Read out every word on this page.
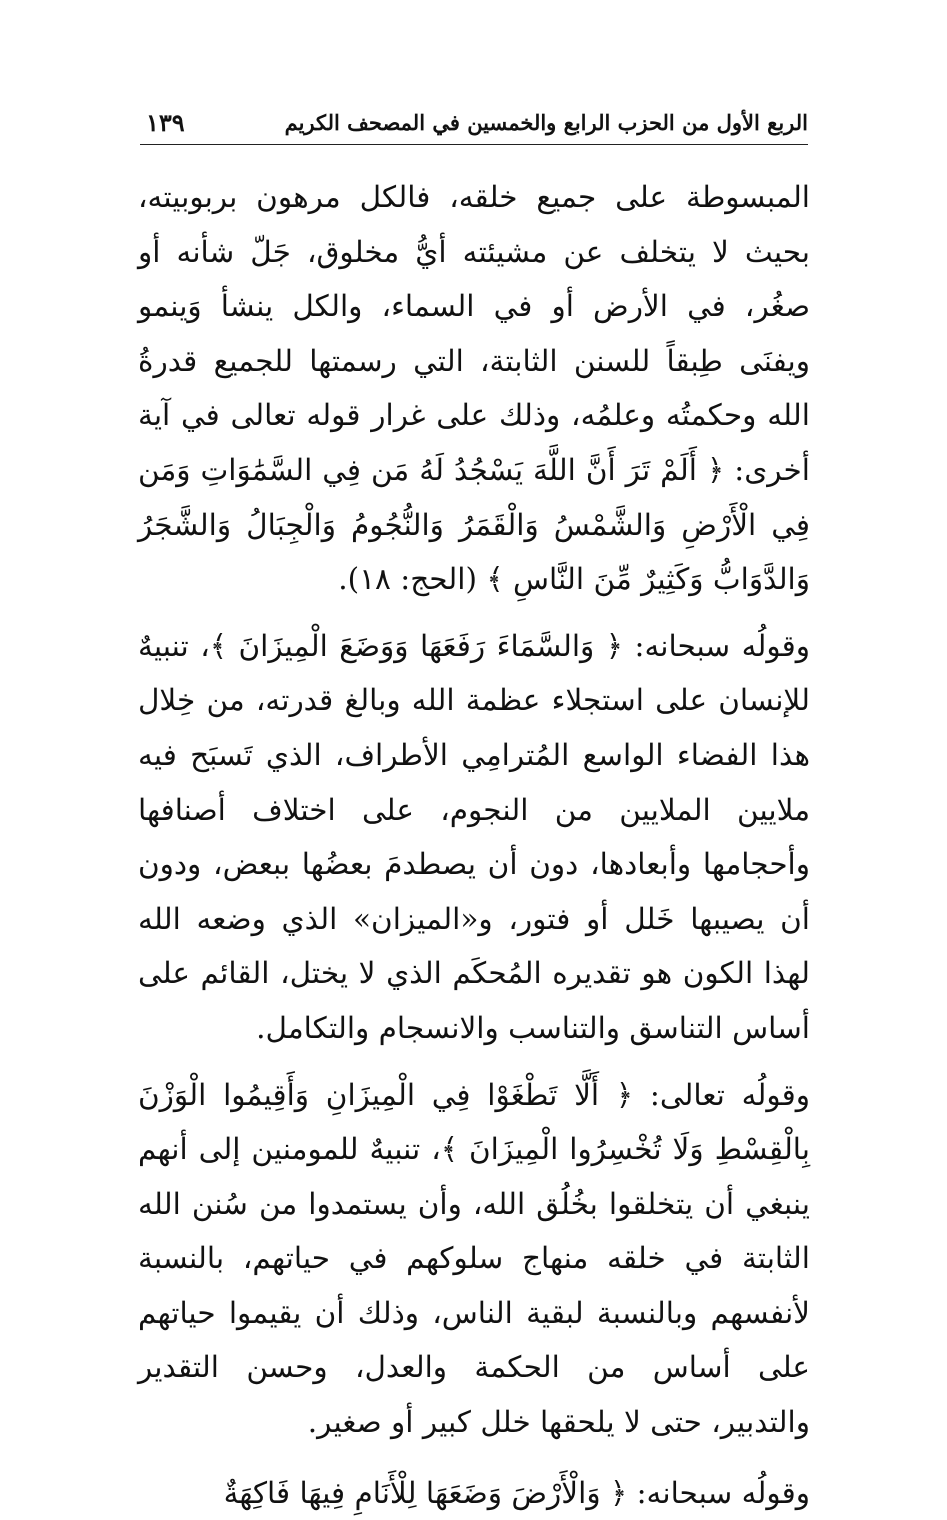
الربع الأول من الحزب الرابع والخمسين في المصحف الكريم
١٣٩

المبسوطة على جميع خلقه، فالكل مرهون بربوبيته، بحيث لا يتخلف عن مشيئته أيُّ مخلوق، جَلّ شأنه أو صغُر، في الأرض أو في السماء، والكل ينشأ وَينمو ويفنَى طِبقاً للسنن الثابتة، التي رسمتها للجميع قدرةُ الله وحكمتُه وعلمُه، وذلك على غرار قوله تعالى في آية أخرى: ﴿ أَلَمْ تَرَ أَنَّ اللَّهَ يَسْجُدُ لَهُ مَن فِي السَّمَٰوَاتِ وَمَن فِي الْأَرْضِ وَالشَّمْسُ وَالْقَمَرُ وَالنُّجُومُ وَالْجِبَالُ وَالشَّجَرُ وَالدَّوَابُّ وَكَثِيرٌ مِّنَ النَّاسِ ﴾ (الحج: ١٨).

وقولُه سبحانه: ﴿ وَالسَّمَاءَ رَفَعَهَا وَوَضَعَ الْمِيزَانَ ﴾، تنبيهٌ للإنسان على استجلاء عظمة الله وبالغ قدرته، من خِلال هذا الفضاء الواسع المُترامِي الأطراف، الذي تَسبَح فيه ملايين الملايين من النجوم، على اختلاف أصنافها وأحجامها وأبعادها، دون أن يصطدمَ بعضُها ببعض، ودون أن يصيبها خَلل أو فتور، و«الميزان» الذي وضعه الله لهذا الكون هو تقديره المُحكَم الذي لا يختل، القائم على أساس التناسق والتناسب والانسجام والتكامل.

وقولُه تعالى: ﴿ أَلَّا تَطْغَوْا فِي الْمِيزَانِ وَأَقِيمُوا الْوَزْنَ بِالْقِسْطِ وَلَا تُخْسِرُوا الْمِيزَانَ ﴾، تنبيهٌ للمومنين إلى أنهم ينبغي أن يتخلقوا بخُلُق الله، وأن يستمدوا من سُنن الله الثابتة في خلقه منهاج سلوكهم في حياتهم، بالنسبة لأنفسهم وبالنسبة لبقية الناس، وذلك أن يقيموا حياتهم على أساس من الحكمة والعدل، وحسن التقدير والتدبير، حتى لا يلحقها خلل كبير أو صغير.

وقولُه سبحانه: ﴿ وَالْأَرْضَ وَضَعَهَا لِلْأَنَامِ فِيهَا فَاكِهَةٌ
